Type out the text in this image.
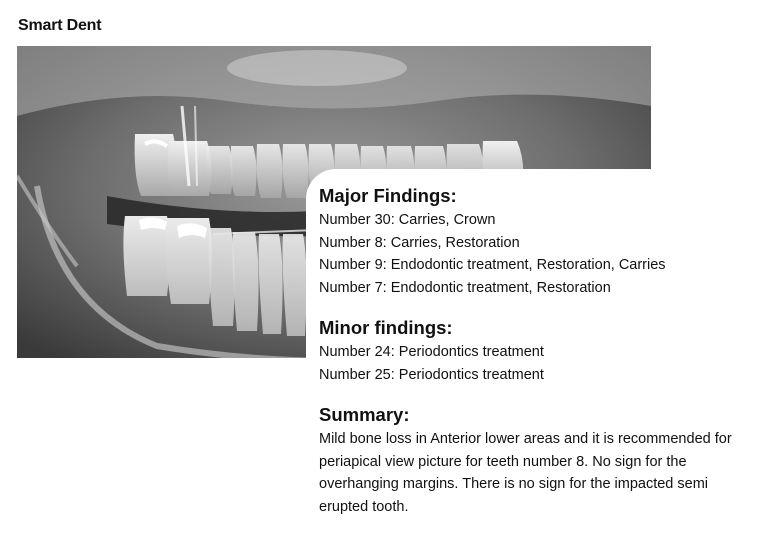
Smart Dent
Major Findings:
Number 30: Carries, Crown
Number 8: Carries, Restoration
Number 9: Endodontic treatment, Restoration, Carries
Number 7: Endodontic treatment, Restoration
Minor findings:
Number 24: Periodontics treatment
Number 25: Periodontics treatment
Summary:

Mild bone loss in Anterior lower areas and it is recommended for periapical view picture for teeth number 8. No sign for the overhanging margins. There is no sign for the impacted semi erupted tooth.
